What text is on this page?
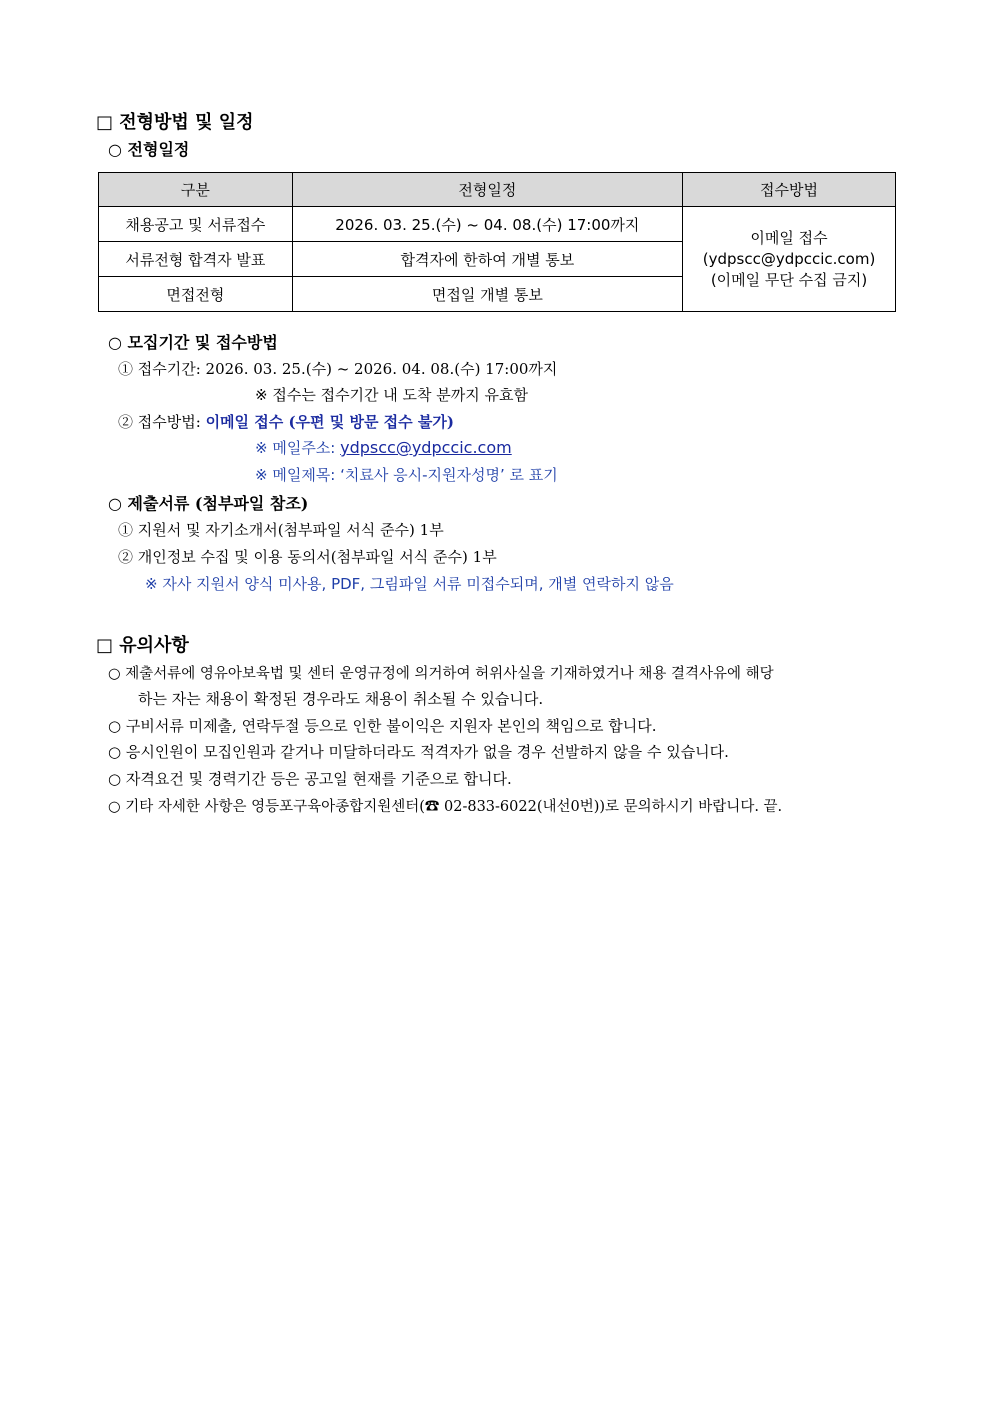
□ 전형방법 및 일정
○ 전형일정
구분	전형일정	접수방법
채용공고 및 서류접수	2026. 03. 25.(수) ~ 04. 08.(수) 17:00까지	이메일 접수
(ydpscc@ydpccic.com)
(이메일 무단 수집 금지)

서류전형 합격자 발표	합격자에 한하여 개별 통보	
면접전형	면접일 개별 통보	
○ 모집기간 및 접수방법
① 접수기간: 2026. 03. 25.(수) ~ 2026. 04. 08.(수) 17:00까지
※ 접수는 접수기간 내 도착 분까지 유효함
② 접수방법: 이메일 접수 (우편 및 방문 접수 불가)
※ 메일주소: ydpscc@ydpccic.com
※ 메일제목: ‘치료사 응시-지원자성명’ 로 표기
○ 제출서류 (첨부파일 참조)
① 지원서 및 자기소개서(첨부파일 서식 준수) 1부
② 개인정보 수집 및 이용 동의서(첨부파일 서식 준수) 1부
※ 자사 지원서 양식 미사용, PDF, 그림파일 서류 미접수되며, 개별 연락하지 않음
□ 유의사항
○ 제출서류에 영유아보육법 및 센터 운영규정에 의거하여 허위사실을 기재하였거나 채용 결격사유에 해당
하는 자는 채용이 확정된 경우라도 채용이 취소될 수 있습니다.
○ 구비서류 미제출, 연락두절 등으로 인한 불이익은 지원자 본인의 책임으로 합니다.
○ 응시인원이 모집인원과 같거나 미달하더라도 적격자가 없을 경우 선발하지 않을 수 있습니다.
○ 자격요건 및 경력기간 등은 공고일 현재를 기준으로 합니다.
○ 기타 자세한 사항은 영등포구육아종합지원센터(☎ 02-833-6022(내선0번))로 문의하시기 바랍니다. 끝.
